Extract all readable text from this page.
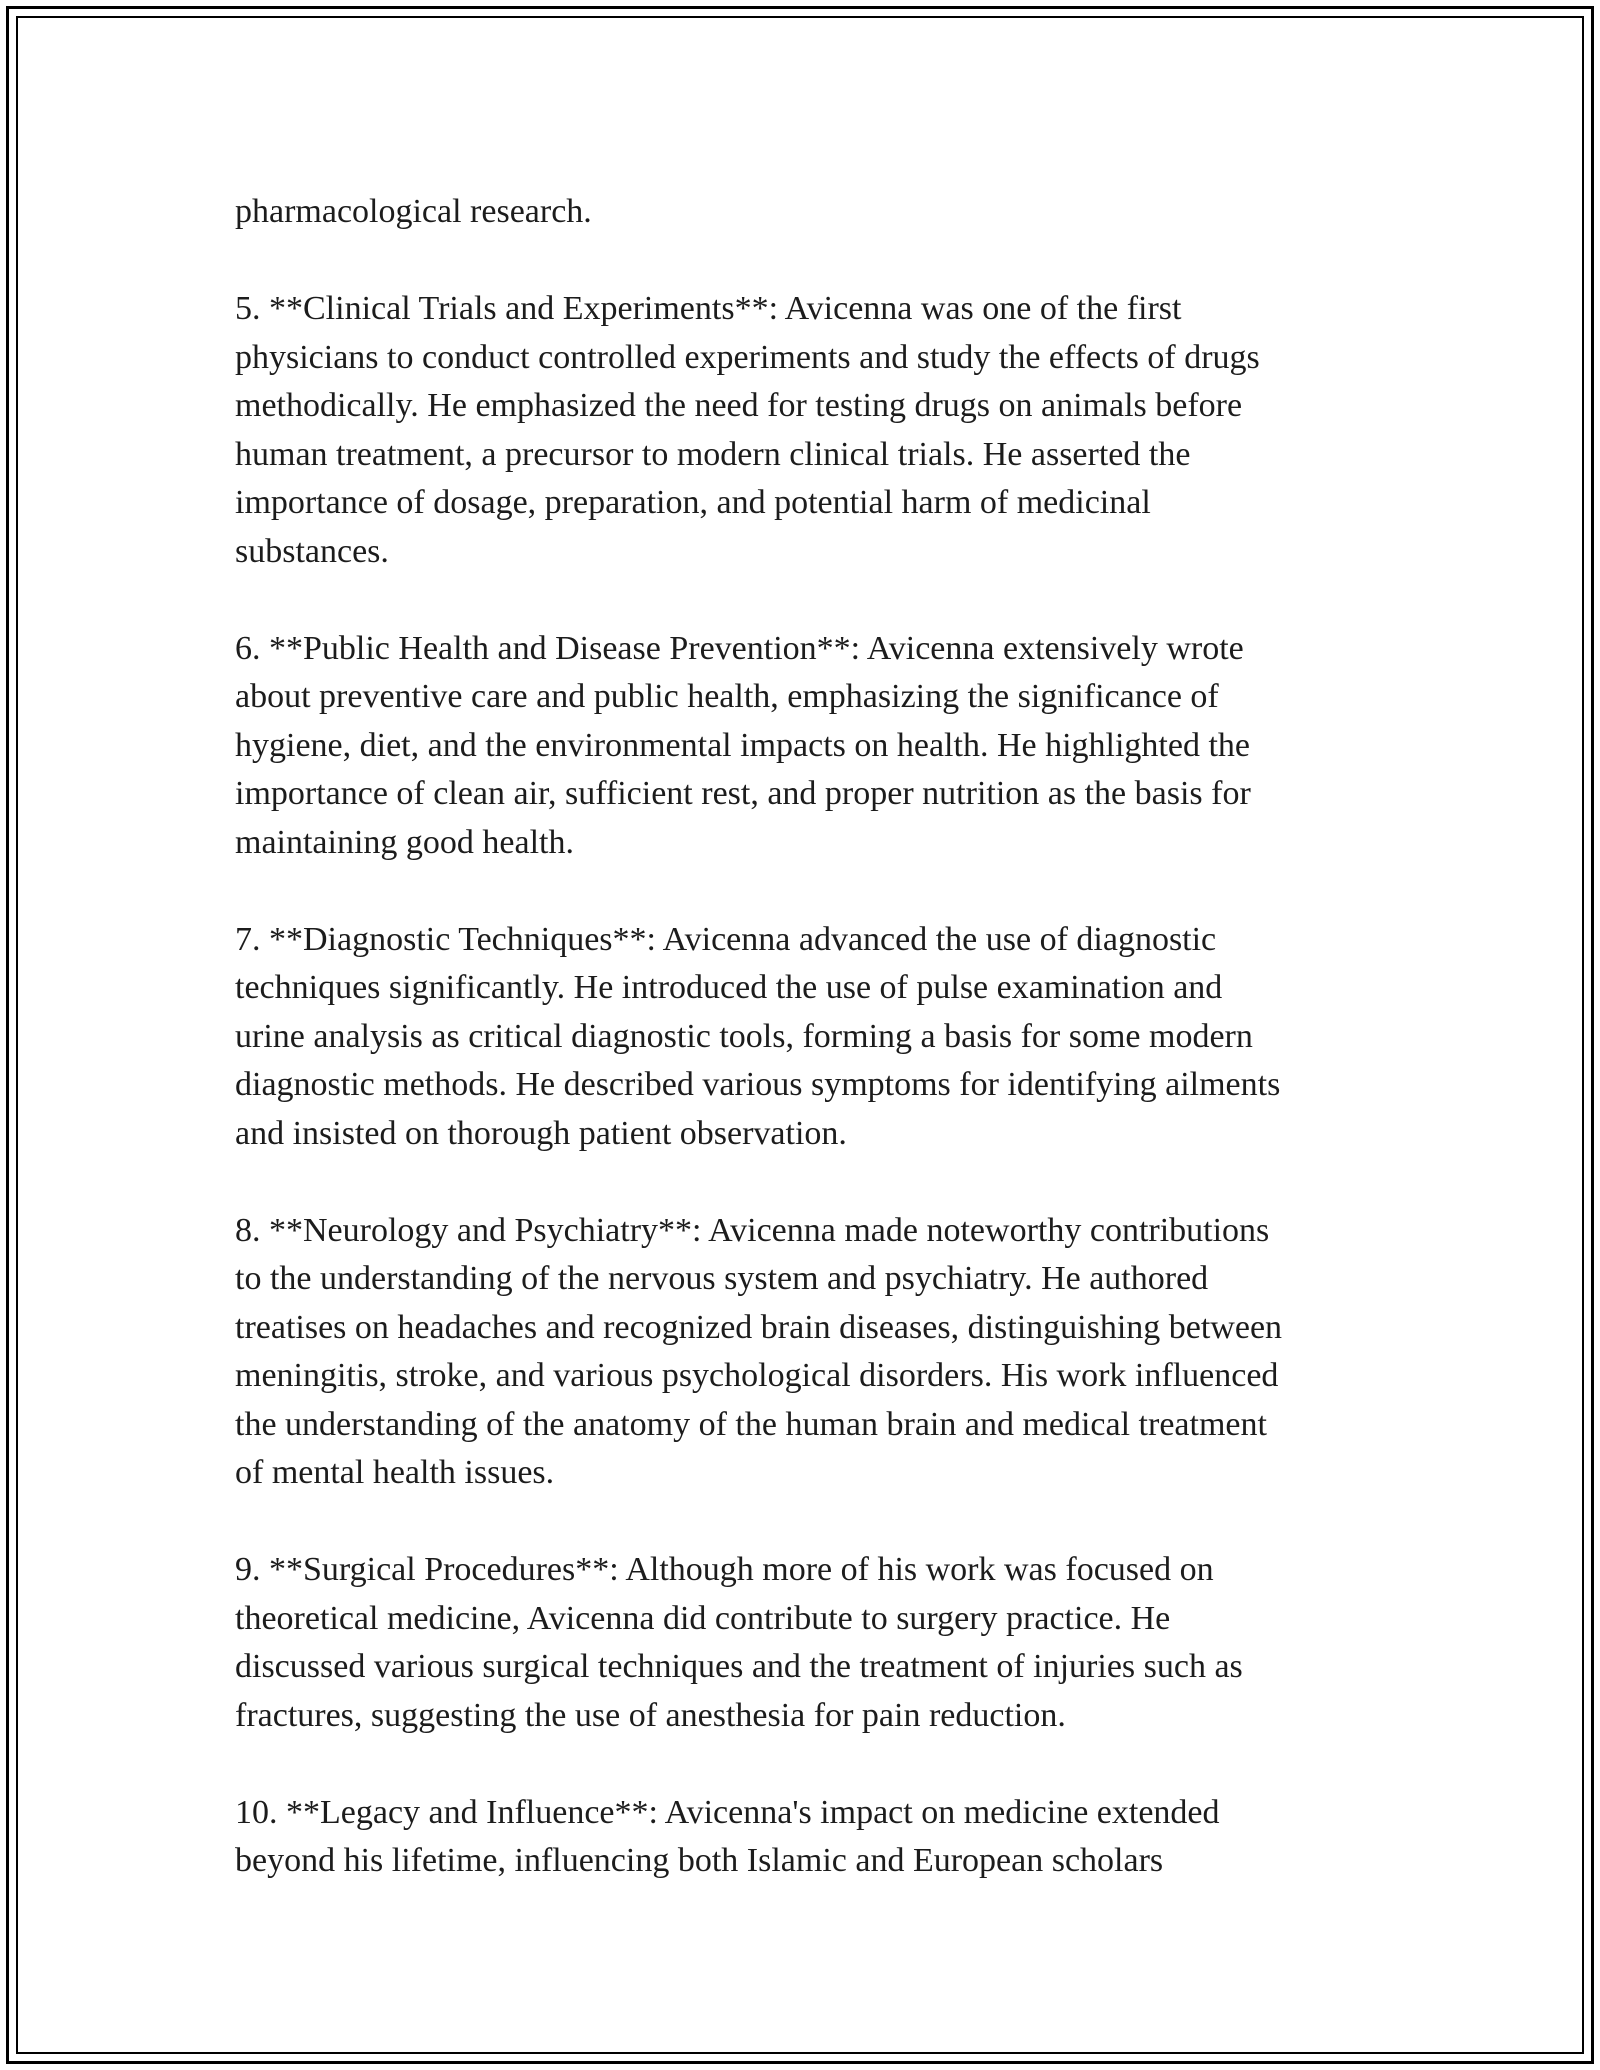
pharmacological research.

5. **Clinical Trials and Experiments**: Avicenna was one of the first
physicians to conduct controlled experiments and study the effects of drugs
methodically. He emphasized the need for testing drugs on animals before
human treatment, a precursor to modern clinical trials. He asserted the
importance of dosage, preparation, and potential harm of medicinal
substances.

6. **Public Health and Disease Prevention**: Avicenna extensively wrote
about preventive care and public health, emphasizing the significance of
hygiene, diet, and the environmental impacts on health. He highlighted the
importance of clean air, sufficient rest, and proper nutrition as the basis for
maintaining good health.

7. **Diagnostic Techniques**: Avicenna advanced the use of diagnostic
techniques significantly. He introduced the use of pulse examination and
urine analysis as critical diagnostic tools, forming a basis for some modern
diagnostic methods. He described various symptoms for identifying ailments
and insisted on thorough patient observation.

8. **Neurology and Psychiatry**: Avicenna made noteworthy contributions
to the understanding of the nervous system and psychiatry. He authored
treatises on headaches and recognized brain diseases, distinguishing between
meningitis, stroke, and various psychological disorders. His work influenced
the understanding of the anatomy of the human brain and medical treatment
of mental health issues.

9. **Surgical Procedures**: Although more of his work was focused on
theoretical medicine, Avicenna did contribute to surgery practice. He
discussed various surgical techniques and the treatment of injuries such as
fractures, suggesting the use of anesthesia for pain reduction.

10. **Legacy and Influence**: Avicenna's impact on medicine extended
beyond his lifetime, influencing both Islamic and European scholars
